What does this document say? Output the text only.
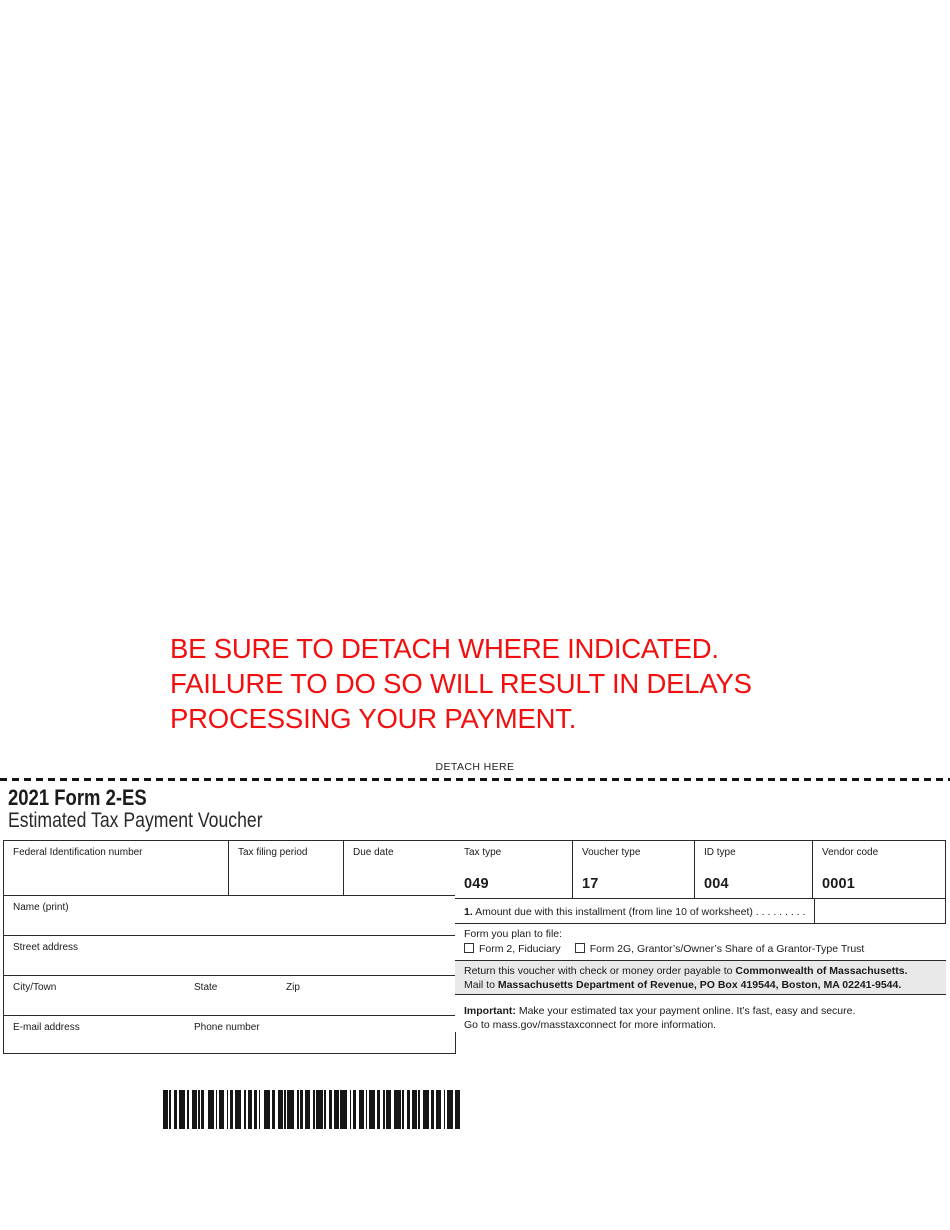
BE SURE TO DETACH WHERE INDICATED.
FAILURE TO DO SO WILL RESULT IN DELAYS
PROCESSING YOUR PAYMENT.
DETACH HERE
2021 Form 2-ES
Estimated Tax Payment Voucher
Federal Identification number	Tax filing period	Due date
Name (print)
Street address
City/Town	State	Zip
E-mail address	Phone number
Tax type
049
Voucher type
17
ID type
004
Vendor code
0001
1. Amount due with this installment (from line 10 of worksheet) . . . . . . . . .
Form you plan to file:
Form 2, Fiduciary	Form 2G, Grantor’s/Owner’s Share of a Grantor-Type Trust
Return this voucher with check or money order payable to Commonwealth of Massachusetts.
Mail to Massachusetts Department of Revenue, PO Box 419544, Boston, MA 02241-9544.
Important: Make your estimated tax your payment online. It’s fast, easy and secure.
Go to mass.gov/masstaxconnect for more information.
